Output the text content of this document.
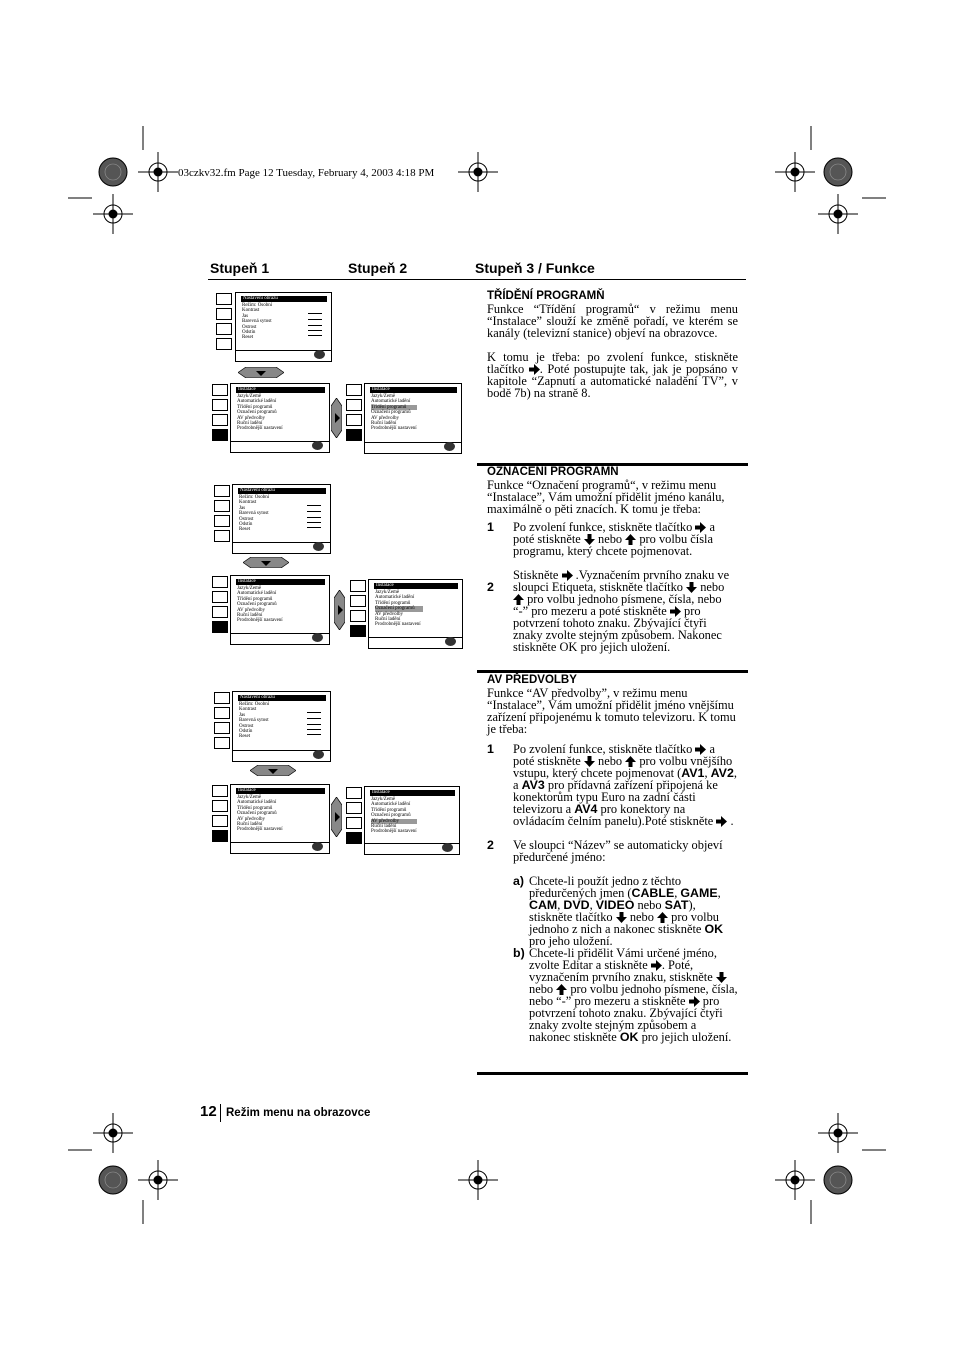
03czkv32.fm Page 12 Tuesday, February 4, 2003 4:18 PM
Stupeň 1	Stupeň 2	Stupeň 3 / Funkce
Nastavení obrazu
Režim: Osobní
Kontrast
Jas
Barevná sytost
Ostrost
Odstín
Reset
Instalace
Jazyk/Země
Automatické ladění
Třídění programů
Označení programů
AV předvolby
Ruční ladění
Prodrobnější nastavení
Instalace
Jazyk/Země
Automatické ladění
Třídění programů
Označení programů
AV předvolby
Ruční ladění
Prodrobnější nastavení
Nastavení obrazu
Režim: Osobní
Kontrast
Jas
Barevná sytost
Ostrost
Odstín
Reset
Instalace
Jazyk/Země
Automatické ladění
Třídění programů
Označení programů
AV předvolby
Ruční ladění
Prodrobnější nastavení
Instalace
Jazyk/Země
Automatické ladění
Třídění programů
Označení programů
AV předvolby
Ruční ladění
Prodrobnější nastavení
Nastavení obrazu
Režim: Osobní
Kontrast
Jas
Barevná sytost
Ostrost
Odstín
Reset
Instalace
Jazyk/Země
Automatické ladění
Třídění programů
Označení programů
AV předvolby
Ruční ladění
Prodrobnější nastavení
Instalace
Jazyk/Země
Automatické ladění
Třídění programů
Označení programů
AV předvolby
Ruční ladění
Prodrobnější nastavení
TŘÍDĚNÍ PROGRAMŇ
Funkce “Třídění programů“ v režimu menu “Instalace” slouží ke změně pořadí, ve kterém se kanály (televizní stanice) objeví na obrazovce.

K tomu je třeba: po zvolení funkce, stiskněte tlačítko . Poté postupujte tak, jak je popsáno v kapitole “Zapnutí a automatické naladění TV”, v bodě 7b) na straně 8.
OZNAČENÍ PROGRAMŇ
Funkce “Označení programů“, v režimu menu “Instalace”, Vám umožní přidělit jméno kanálu, maximálně o pěti znacích. K tomu je třeba:
1 Po zvolení funkce, stiskněte tlačítko a poté stiskněte nebo pro volbu čísla programu, který chcete pojmenovat.
2
Stiskněte .Vyznačením prvního znaku ve sloupci Etiqueta, stiskněte tlačítko nebo  pro volbu jednoho písmene, čísla, nebo “-” pro mezeru a poté stiskněte pro potvrzení tohoto znaku. Zbývající čtyři znaky zvolte stejným způsobem. Nakonec stiskněte OK pro jejich uložení.
AV PŘEDVOLBY
Funkce “AV předvolby”, v režimu menu “Instalace”, Vám umožní přidělit jméno vnějšímu zařízení připojenému k tomuto televizoru. K tomu je třeba:
1 Po zvolení funkce, stiskněte tlačítko a poté stiskněte nebo pro volbu vnějšího vstupu, který chcete pojmenovat (AV1, AV2, a AV3 pro přídavná zařízení připojená ke konektorům typu Euro na zadní části televizoru a AV4 pro konektory na ovládacím čelním panelu).Poté stiskněte  .
2 Ve sloupci “Název” se automaticky objeví předurčené jméno:
a) Chcete-li použít jedno z těchto předurčených jmen (CABLE, GAME, CAM, DVD, VIDEO nebo SAT), stiskněte tlačítko nebo pro volbu jednoho z nich a nakonec stiskněte OK pro jeho uložení.
b) Chcete-li přidělit Vámi určené jméno, zvolte Editar a stiskněte . Poté, vyznačením prvního znaku, stiskněte  nebo pro volbu jednoho písmene, čísla, nebo “-” pro mezeru a stiskněte pro potvrzení tohoto znaku. Zbývající čtyři znaky zvolte stejným způsobem a nakonec stiskněte OK pro jejich uložení.
12 Režim menu na obrazovce
